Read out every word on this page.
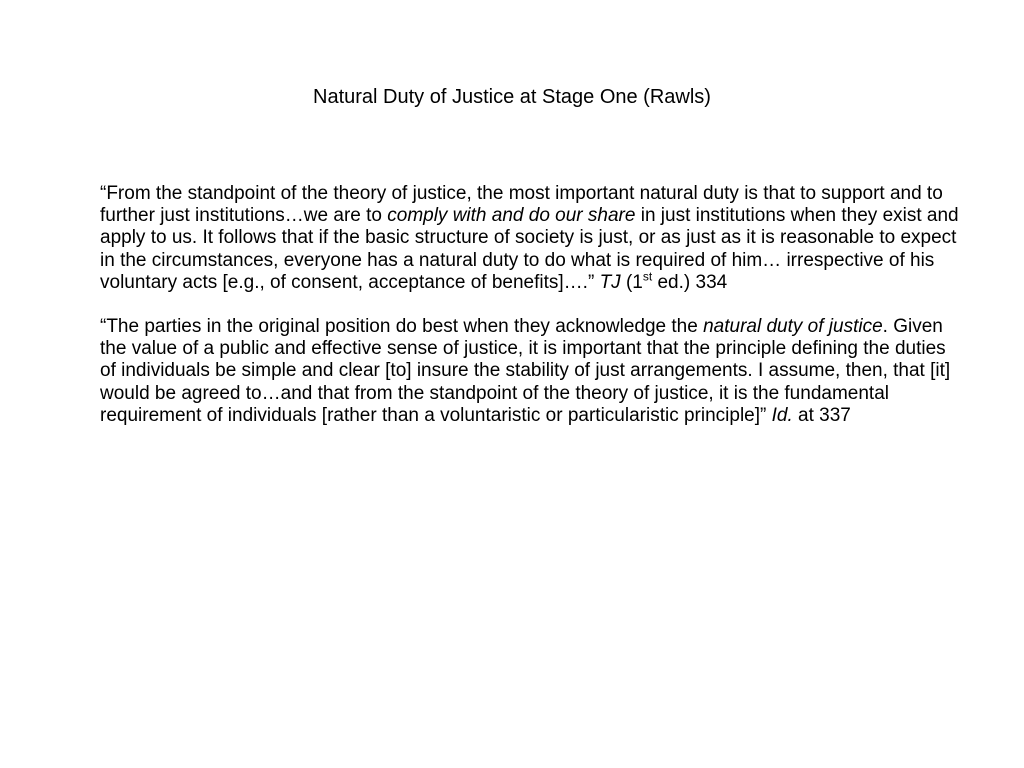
Natural Duty of Justice at Stage One (Rawls)

“From the standpoint of the theory of justice, the most important natural duty is that to support and to further just institutions…we are to comply with and do our share in just institutions when they exist and apply to us. It follows that if the basic structure of society is just, or as just as it is reasonable to expect in the circumstances, everyone has a natural duty to do what is required of him… irrespective of his voluntary acts [e.g., of consent, acceptance of benefits]….” TJ (1st ed.) 334

“The parties in the original position do best when they acknowledge the natural duty of justice. Given the value of a public and effective sense of justice, it is important that the principle defining the duties of individuals be simple and clear [to] insure the stability of just arrangements. I assume, then, that [it] would be agreed to…and that from the standpoint of the theory of justice, it is the fundamental requirement of individuals [rather than a voluntaristic or particularistic principle]” Id. at 337
